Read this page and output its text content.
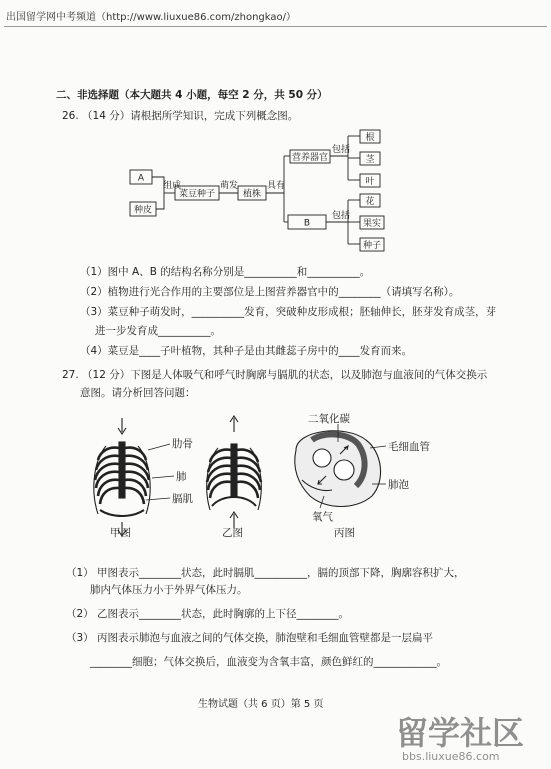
出国留学网中考频道（http://www.liuxue86.com/zhongkao/）
二、非选择题（本大题共 4 小题，每空 2 分，共 50 分）
26. （14 分）请根据所学知识，完成下列概念图。
A
种皮
组成
菜豆种子
萌发
植株
具有
营养器官
B
包括
包括
根
茎
叶
花
果实
种子
（1）图中 A、B 的结构名称分别是__________和__________。
（2）植物进行光合作用的主要部位是上图营养器官中的________（请填写名称）。
（3）菜豆种子萌发时，__________发育，突破种皮形成根；胚轴伸长，胚芽发育成茎，芽
进一步发育成__________。
（4）菜豆是____子叶植物，其种子是由其雌蕊子房中的____发育而来。
27. （12 分）下图是人体吸气和呼气时胸廓与膈肌的状态，以及肺泡与血液间的气体交换示
意图。请分析回答问题：
肋骨
肺
膈肌
二氧化碳
毛细血管
肺泡
氧气
甲图	乙图	丙图
（1） 甲图表示________状态，此时膈肌__________，膈的顶部下降，胸廓容积扩大，
肺内气体压力小于外界气体压力。
（2） 乙图表示________状态，此时胸廓的上下径________。
（3） 丙图表示肺泡与血液之间的气体交换，肺泡壁和毛细血管壁都是一层扁平
________细胞；气体交换后，血液变为含氧丰富，颜色鲜红的____________。
生物试题（共 6 页）第 5 页
留学社区
bbs.liuxue86.com
